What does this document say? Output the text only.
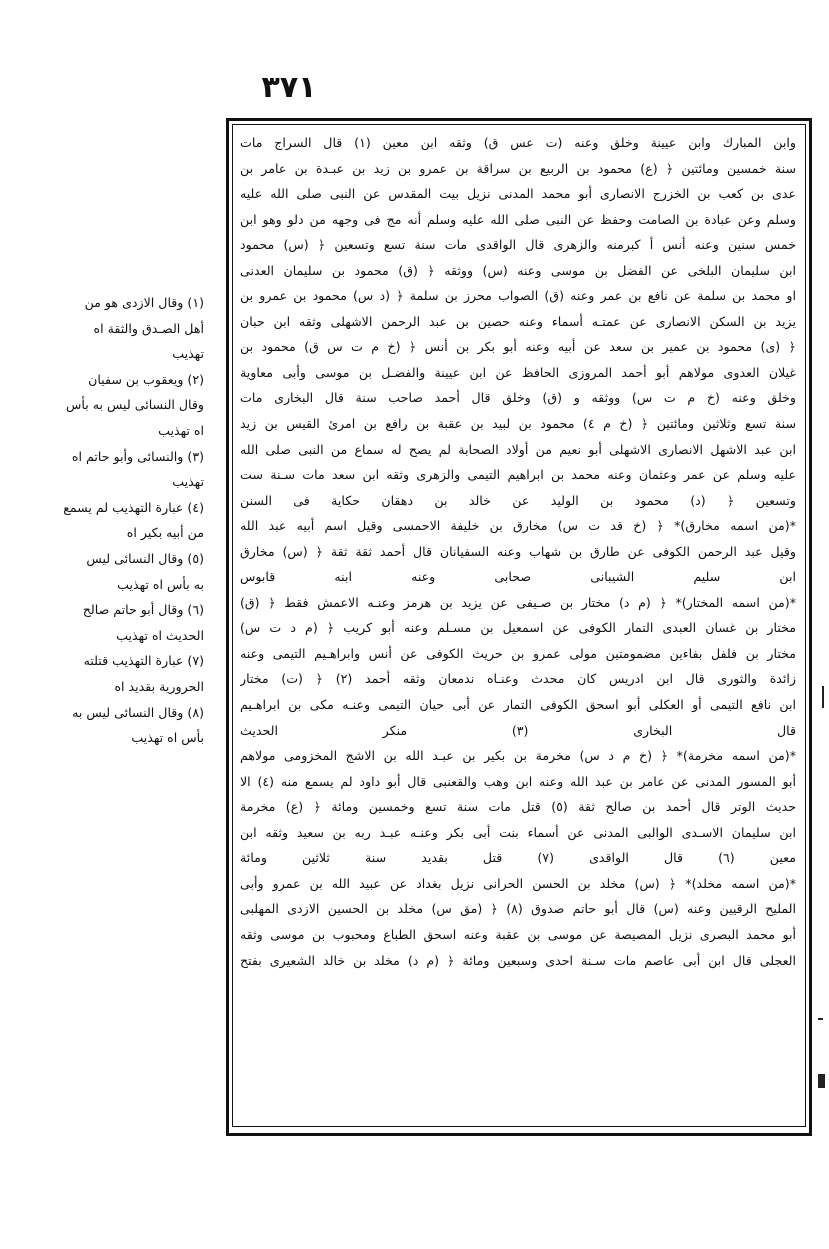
٣٧١
وابن المبارك وابن عيينة وخلق وعنه (ت عس ق) وثقه ابن معين (١) قال السراج مات
سنة خمسين ومائتين ﴿ (ع) محمود بن الربيع بن سراقة بن عمرو بن زيد بن عبـدة بن عامر بن
عدى بن كعب بن الخزرج الانصارى أبو محمد المدنى نزيل بيت المقدس عن النبى صلى الله عليه
وسلم وعن عبادة بن الصامت وحفظ عن النبى صلى الله عليه وسلم أنه مج فى وجهه من دلو وهو ابن
خمس سنين وعنه أنس أ كبرمنه والزهرى قال الواقدى مات سنة تسع وتسعين ﴿ (س) محمود
ابن سليمان البلخى عن الفضل بن موسى وعنه (س) ووثقه ﴿ (ق) محمود بن سليمان العدنى
او محمد بن سلمة عن نافع بن عمر وعنه (ق) الصواب محرز بن سلمة ﴿ (د س) محمود بن عمرو بن
يزيد بن السكن الانصارى عن عمتـه أسماء وعنه حصين بن عبد الرحمن الاشهلى وثقه ابن حبان
﴿ (ى) محمود بن عمير بن سعد عن أبيه وعنه أبو بكر بن أنس ﴿ (خ م ت س ق) محمود بن
غيلان العدوى مولاهم أبو أحمد المروزى الحافظ عن ابن عيينة والفضـل بن موسى وأبى معاوية
وخلق وعنه (خ م ت س) ووثقه و (ق) وخلق قال أحمد صاحب سنة قال البخارى مات
سنة تسع وثلاثين ومائتين ﴿ (خ م ٤) محمود بن لبيد بن عقبة بن رافع بن امرئ القيس بن زيد
ابن عبد الاشهل الانصارى الاشهلى أبو نعيم من أولاد الصحابة لم يصح له سماع من النبى صلى الله
عليه وسلم عن عمر وعثمان وعنه محمد بن ابراهيم التيمى والزهرى وثقه ابن سعد مات سـنة ست
وتسعين ﴿ (د) محمود بن الوليد عن خالد بن دهقان حكاية فى السنن
*(من اسمه مخارق)* ﴿ (خ قد ت س) مخارق بن خليفة الاحمسى وقيل اسم أبيه عبد الله
وقيل عبد الرحمن الكوفى عن طارق بن شهاب وعنه السفيانان قال أحمد ثقة ثقة ﴿ (س) مخارق
ابن سليم الشيبانى صحابى وعنه ابنه قابوس
*(من اسمه المختار)* ﴿ (م د) مختار بن صـيفى عن يزيد بن هرمز وعنـه الاعمش فقط ﴿ (ق)
مختار بن غسان العبدى التمار الكوفى عن اسمعيل بن مسـلم وعنه أبو كريب ﴿ (م د ت س)
مختار بن فلفل بفاءين مضمومتين مولى عمرو بن حريث الكوفى عن أنس وابراهـيم التيمى وعنه
زائدة والثورى قال ابن ادريس كان محدث وعنـاه ندمعان وثقه أحمد (٢) ﴿ (ت) مختار
ابن نافع التيمى أو العكلى أبو اسحق الكوفى التمار عن أبى حيان التيمى وعنـه مكى بن ابراهـيم
قال البخارى (٣) منكر الحديث
*(من اسمه مخرمة)* ﴿ (خ م د س) مخرمة بن بكير بن عبـد الله بن الاشج المخزومى مولاهم
أبو المسور المدنى عن عامر بن عبد الله وعنه ابن وهب والقعنبى قال أبو داود لم يسمع منه (٤) الا
حديث الوتر قال أحمد بن صالح ثقة (٥) قتل مات سنة تسع وخمسين ومائة ﴿ (ع) مخرمة
ابن سليمان الاسـدى الوالبى المدنى عن أسماء بنت أبى بكر وعنـه عبـد ربه بن سعيد وثقه ابن
معين (٦) قال الواقدى (٧) قتل بقديد سنة ثلاثين ومائة
*(من اسمه مخلد)* ﴿ (س) مخلد بن الحسن الحرانى نزيل بغداد عن عبيد الله بن عمرو وأبى
المليح الرقيين وعنه (س) قال أبو حاتم صدوق (٨) ﴿ (مق س) مخلد بن الحسين الازدى المهلبى
أبو محمد البصرى نزيل المصيصة عن موسى بن عقبة وعنه اسحق الطباع ومحبوب بن موسى وثقه
العجلى قال ابن أبى عاصم مات سـنة احدى وسبعين ومائة ﴿ (م د) مخلد بن خالد الشعيرى بفتح
(١) وقال الازدى هو من
أهل الصـدق والثقة اه
تهذيب
(٢) ويعقوب بن سفيان
وقال النسائى ليس به بأس
اه تهذيب
(٣) والنسائى وأبو حاتم اه
تهذيب
(٤) عبارة التهذيب لم يسمع
من أبيه بكير اه
(٥) وقال النسائى ليس
به بأس اه تهذيب
(٦) وقال أبو حاتم صالح
الحديث اه تهذيب
(٧) عبارة التهذيب قتلته
الحرورية بقديد اه
(٨) وقال النسائى ليس به
بأس اه تهذيب
